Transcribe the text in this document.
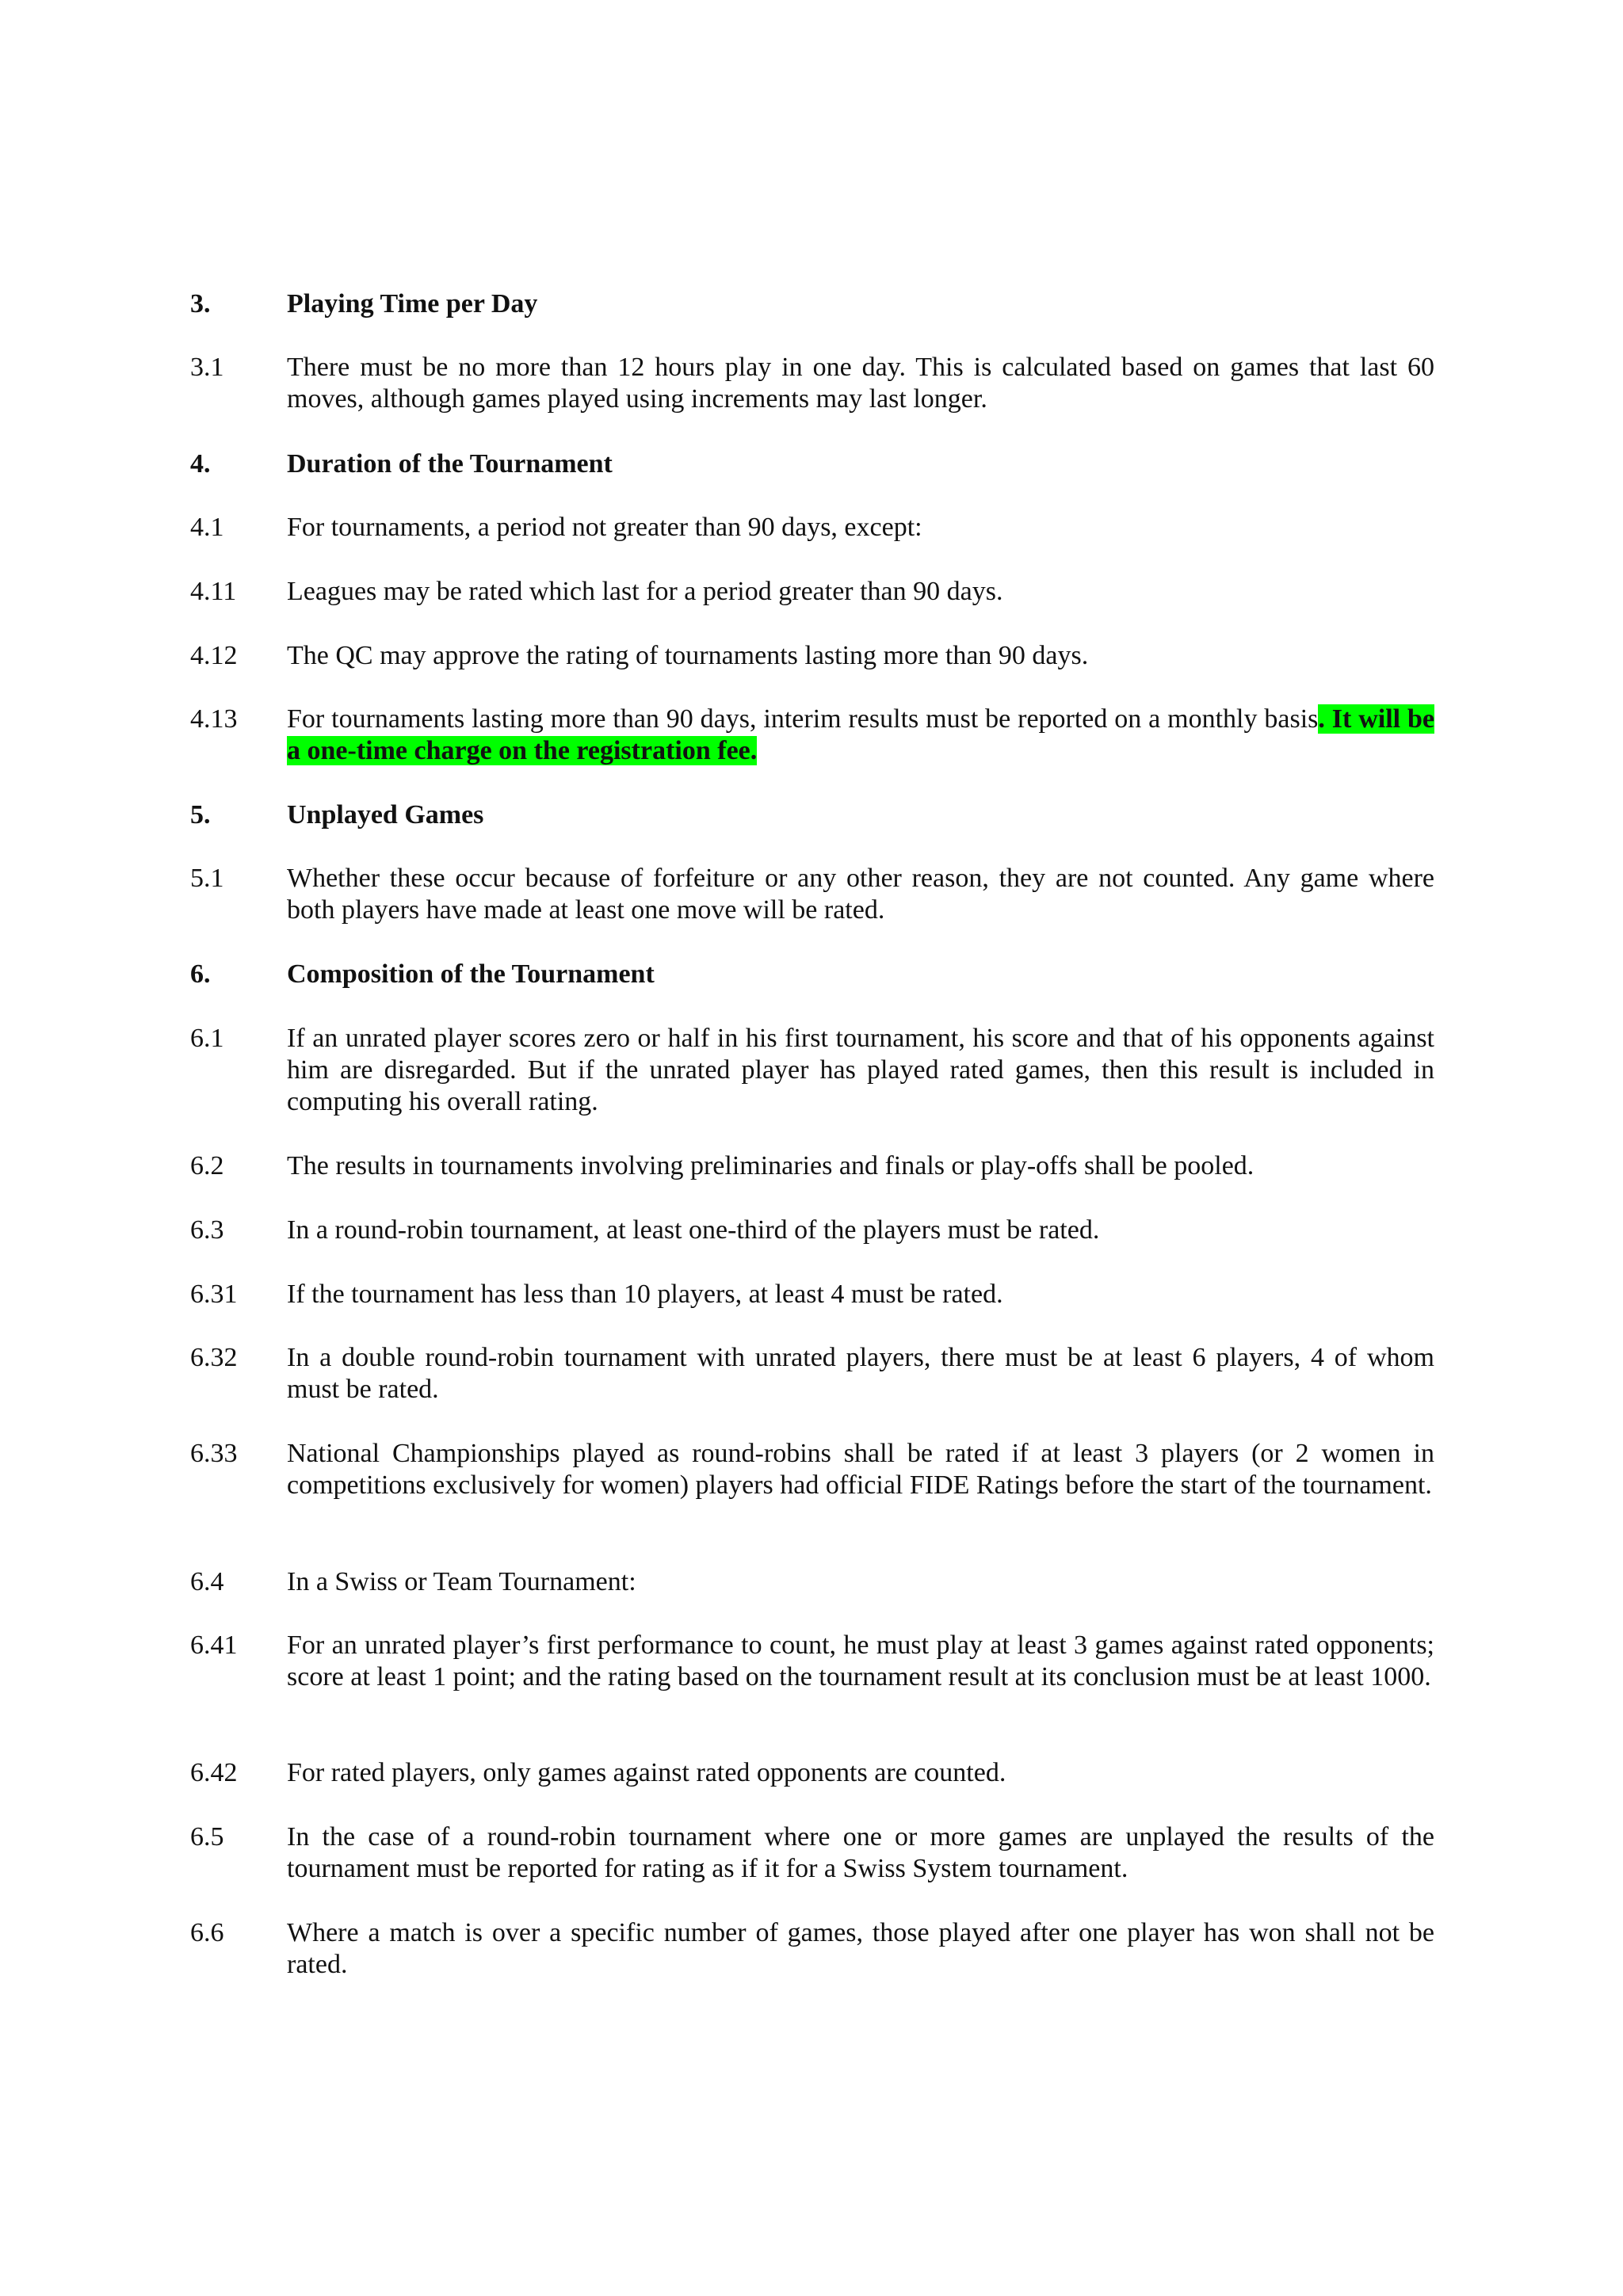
3.	Playing Time per Day
3.1	There must be no more than 12 hours play in one day. This is calculated based on games that last 60 moves, although games played using increments may last longer.
4.	Duration of the Tournament
4.1	For tournaments, a period not greater than 90 days, except:
4.11	Leagues may be rated which last for a period greater than 90 days.
4.12	The QC may approve the rating of tournaments lasting more than 90 days.
4.13	For tournaments lasting more than 90 days, interim results must be reported on a monthly basis. It will be a one-time charge on the registration fee.
5.	Unplayed Games
5.1	Whether these occur because of forfeiture or any other reason, they are not counted. Any game where both players have made at least one move will be rated.
6.	Composition of the Tournament
6.1	If an unrated player scores zero or half in his first tournament, his score and that of his opponents against him are disregarded. But if the unrated player has played rated games, then this result is included in computing his overall rating.
6.2	The results in tournaments involving preliminaries and finals or play-offs shall be pooled.
6.3	In a round-robin tournament, at least one-third of the players must be rated.
6.31	If the tournament has less than 10 players, at least 4 must be rated.
6.32	In a double round-robin tournament with unrated players, there must be at least 6 players, 4 of whom must be rated.
6.33	National Championships played as round-robins shall be rated if at least 3 players (or 2 women in competitions exclusively for women) players had official FIDE Ratings before the start of the tournament.
6.4	In a Swiss or Team Tournament:
6.41	For an unrated player’s first performance to count, he must play at least 3 games against rated opponents; score at least 1 point; and the rating based on the tournament result at its conclusion must be at least 1000.
6.42	For rated players, only games against rated opponents are counted.
6.5	In the case of a round-robin tournament where one or more games are unplayed the results of the tournament must be reported for rating as if it for a Swiss System tournament.
6.6	Where a match is over a specific number of games, those played after one player has won shall not be rated.
